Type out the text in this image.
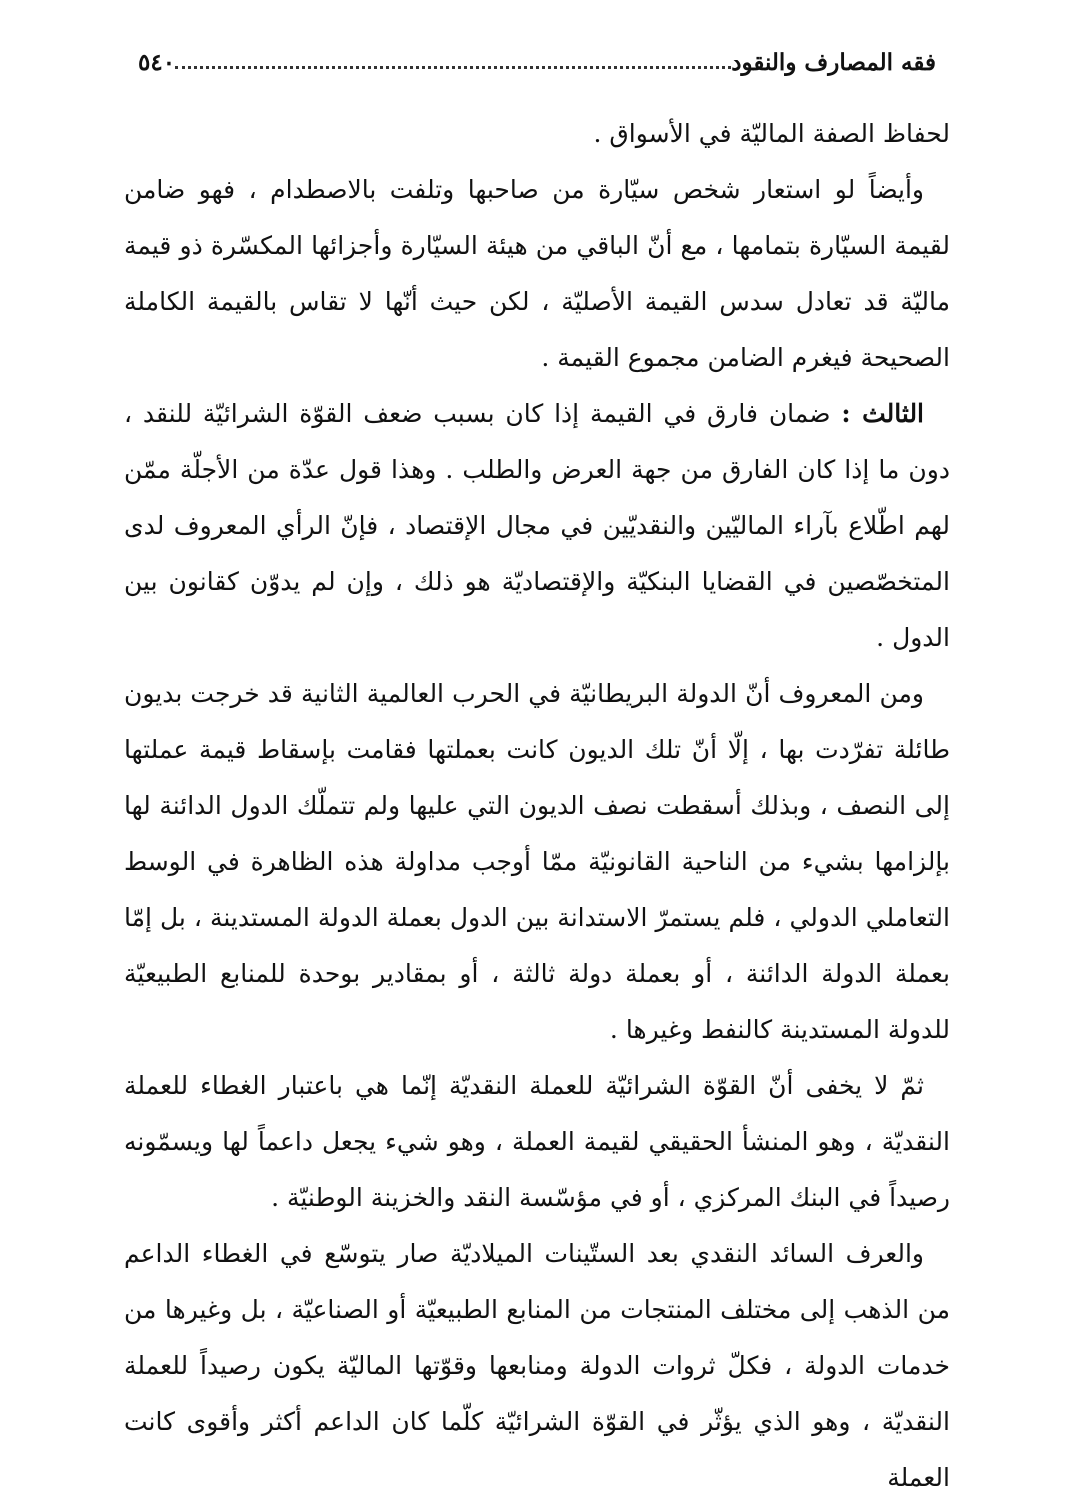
فقه المصارف والنقود
٥٤٠

لحفاظ الصفة الماليّة في الأسواق .

وأيضاً لو استعار شخص سيّارة من صاحبها وتلفت بالاصطدام ، فهو ضامن لقيمة السيّارة بتمامها ، مع أنّ الباقي من هيئة السيّارة وأجزائها المكسّرة ذو قيمة ماليّة قد تعادل سدس القيمة الأصليّة ، لكن حيث أنّها لا تقاس بالقيمة الكاملة الصحيحة فيغرم الضامن مجموع القيمة .

الثالث : ضمان فارق في القيمة إذا كان بسبب ضعف القوّة الشرائيّة للنقد ، دون ما إذا كان الفارق من جهة العرض والطلب . وهذا قول عدّة من الأجلّة ممّن لهم اطّلاع بآراء الماليّين والنقديّين في مجال الإقتصاد ، فإنّ الرأي المعروف لدى المتخصّصين في القضايا البنكيّة والإقتصاديّة هو ذلك ، وإن لم يدوّن كقانون بين الدول .

ومن المعروف أنّ الدولة البريطانيّة في الحرب العالمية الثانية قد خرجت بديون طائلة تفرّدت بها ، إلّا أنّ تلك الديون كانت بعملتها فقامت بإسقاط قيمة عملتها إلى النصف ، وبذلك أسقطت نصف الديون التي عليها ولم تتملّك الدول الدائنة لها بإلزامها بشيء من الناحية القانونيّة ممّا أوجب مداولة هذه الظاهرة في الوسط التعاملي الدولي ، فلم يستمرّ الاستدانة بين الدول بعملة الدولة المستدينة ، بل إمّا بعملة الدولة الدائنة ، أو بعملة دولة ثالثة ، أو بمقادير بوحدة للمنابع الطبيعيّة للدولة المستدينة كالنفط وغيرها .

ثمّ لا يخفى أنّ القوّة الشرائيّة للعملة النقديّة إنّما هي باعتبار الغطاء للعملة النقديّة ، وهو المنشأ الحقيقي لقيمة العملة ، وهو شيء يجعل داعماً لها ويسمّونه رصيداً في البنك المركزي ، أو في مؤسّسة النقد والخزينة الوطنيّة .

والعرف السائد النقدي بعد الستّينات الميلاديّة صار يتوسّع في الغطاء الداعم من الذهب إلى مختلف المنتجات من المنابع الطبيعيّة أو الصناعيّة ، بل وغيرها من خدمات الدولة ، فكلّ ثروات الدولة ومنابعها وقوّتها الماليّة يكون رصيداً للعملة النقديّة ، وهو الذي يؤثّر في القوّة الشرائيّة كلّما كان الداعم أكثر وأقوى كانت العملة
